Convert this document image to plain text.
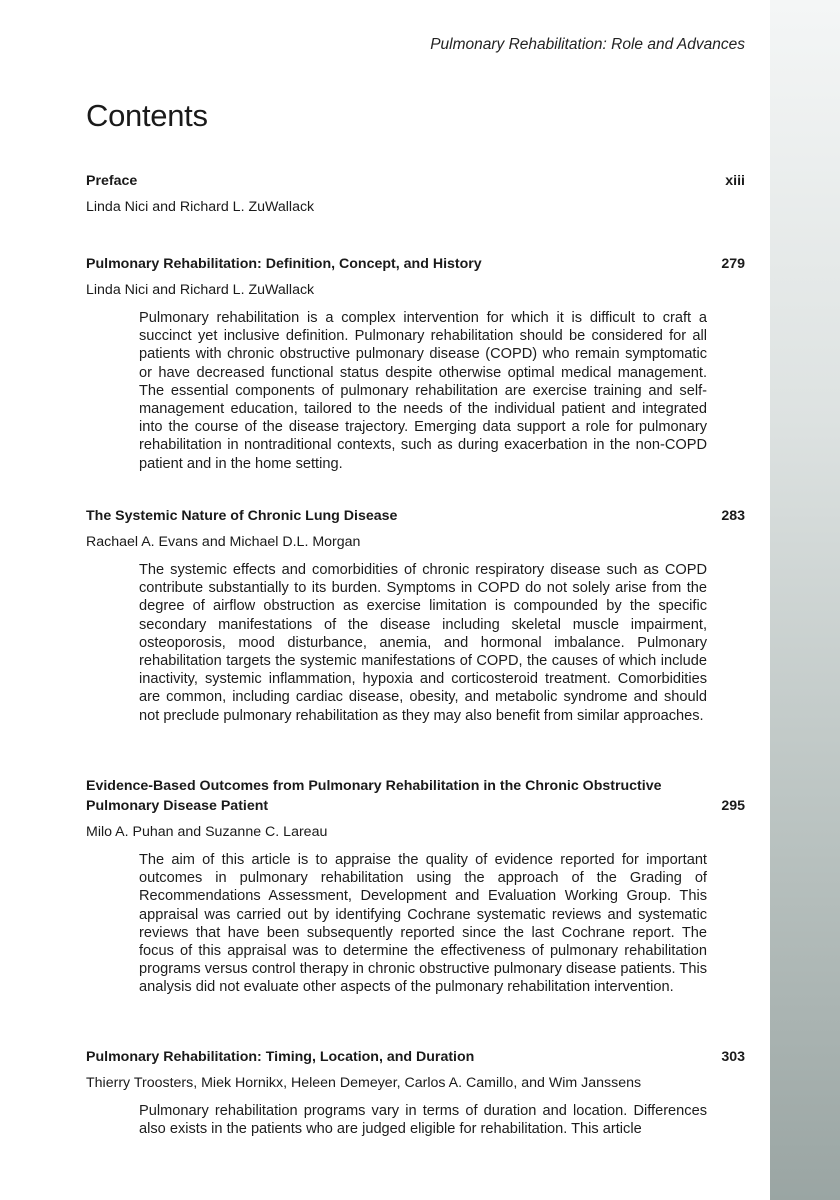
Pulmonary Rehabilitation: Role and Advances
Contents
Preface	xiii
Linda Nici and Richard L. ZuWallack
Pulmonary Rehabilitation: Definition, Concept, and History	279
Linda Nici and Richard L. ZuWallack
Pulmonary rehabilitation is a complex intervention for which it is difficult to craft a succinct yet inclusive definition. Pulmonary rehabilitation should be considered for all patients with chronic obstructive pulmonary disease (COPD) who remain symptomatic or have decreased functional status despite otherwise optimal medical management. The essential components of pulmonary rehabilitation are exercise training and self-management education, tailored to the needs of the individual patient and integrated into the course of the disease trajectory. Emerging data support a role for pulmonary rehabilitation in nontraditional contexts, such as during exacerbation in the non-COPD patient and in the home setting.
The Systemic Nature of Chronic Lung Disease	283
Rachael A. Evans and Michael D.L. Morgan
The systemic effects and comorbidities of chronic respiratory disease such as COPD contribute substantially to its burden. Symptoms in COPD do not solely arise from the degree of airflow obstruction as exercise limitation is compounded by the specific secondary manifestations of the disease including skeletal muscle impairment, osteoporosis, mood disturbance, anemia, and hormonal imbalance. Pulmonary rehabilitation targets the systemic manifestations of COPD, the causes of which include inactivity, systemic inflammation, hypoxia and corticosteroid treatment. Comorbidities are common, including cardiac disease, obesity, and metabolic syndrome and should not preclude pulmonary rehabilitation as they may also benefit from similar approaches.
Evidence-Based Outcomes from Pulmonary Rehabilitation in the Chronic Obstructive Pulmonary Disease Patient	295
Milo A. Puhan and Suzanne C. Lareau
The aim of this article is to appraise the quality of evidence reported for important outcomes in pulmonary rehabilitation using the approach of the Grading of Recommendations Assessment, Development and Evaluation Working Group. This appraisal was carried out by identifying Cochrane systematic reviews and systematic reviews that have been subsequently reported since the last Cochrane report. The focus of this appraisal was to determine the effectiveness of pulmonary rehabilitation programs versus control therapy in chronic obstructive pulmonary disease patients. This analysis did not evaluate other aspects of the pulmonary rehabilitation intervention.
Pulmonary Rehabilitation: Timing, Location, and Duration	303
Thierry Troosters, Miek Hornikx, Heleen Demeyer, Carlos A. Camillo, and Wim Janssens
Pulmonary rehabilitation programs vary in terms of duration and location. Differences also exists in the patients who are judged eligible for rehabilitation. This article
